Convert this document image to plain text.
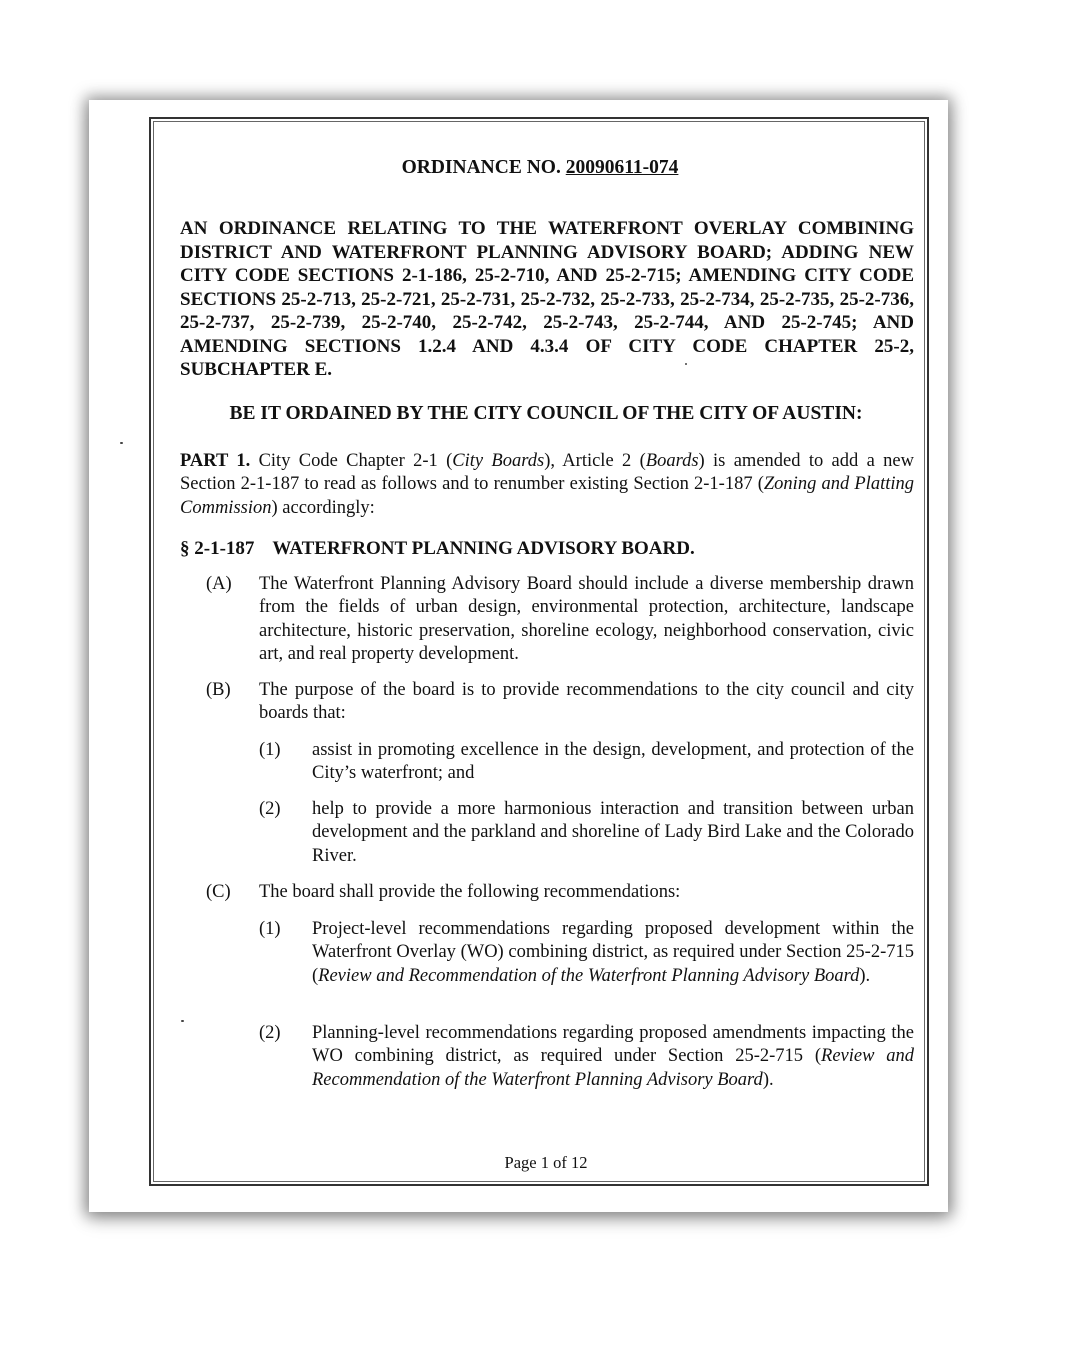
ORDINANCE NO. 20090611-074

AN ORDINANCE RELATING TO THE WATERFRONT OVERLAY COMBINING DISTRICT AND WATERFRONT PLANNING ADVISORY BOARD; ADDING NEW CITY CODE SECTIONS 2-1-186, 25-2-710, AND 25-2-715; AMENDING CITY CODE SECTIONS 25-2-713, 25-2-721, 25-2-731, 25-2-732, 25-2-733, 25-2-734, 25-2-735, 25-2-736, 25-2-737, 25-2-739, 25-2-740, 25-2-742, 25-2-743, 25-2-744, AND 25-2-745; AND AMENDING SECTIONS 1.2.4 AND 4.3.4 OF CITY CODE CHAPTER 25-2, SUBCHAPTER E.

BE IT ORDAINED BY THE CITY COUNCIL OF THE CITY OF AUSTIN:

PART 1. City Code Chapter 2-1 (City Boards), Article 2 (Boards) is amended to add a new Section 2-1-187 to read as follows and to renumber existing Section 2-1-187 (Zoning and Platting Commission) accordingly:

§ 2-1-187 WATERFRONT PLANNING ADVISORY BOARD.

(A) The Waterfront Planning Advisory Board should include a diverse membership drawn from the fields of urban design, environmental protection, architecture, landscape architecture, historic preservation, shoreline ecology, neighborhood conservation, civic art, and real property development.

(B) The purpose of the board is to provide recommendations to the city council and city boards that:

(1) assist in promoting excellence in the design, development, and protection of the City’s waterfront; and

(2) help to provide a more harmonious interaction and transition between urban development and the parkland and shoreline of Lady Bird Lake and the Colorado River.

(C) The board shall provide the following recommendations:

(1) Project-level recommendations regarding proposed development within the Waterfront Overlay (WO) combining district, as required under Section 25-2-715 (Review and Recommendation of the Waterfront Planning Advisory Board).

(2) Planning-level recommendations regarding proposed amendments impacting the WO combining district, as required under Section 25-2-715 (Review and Recommendation of the Waterfront Planning Advisory Board).

Page 1 of 12
